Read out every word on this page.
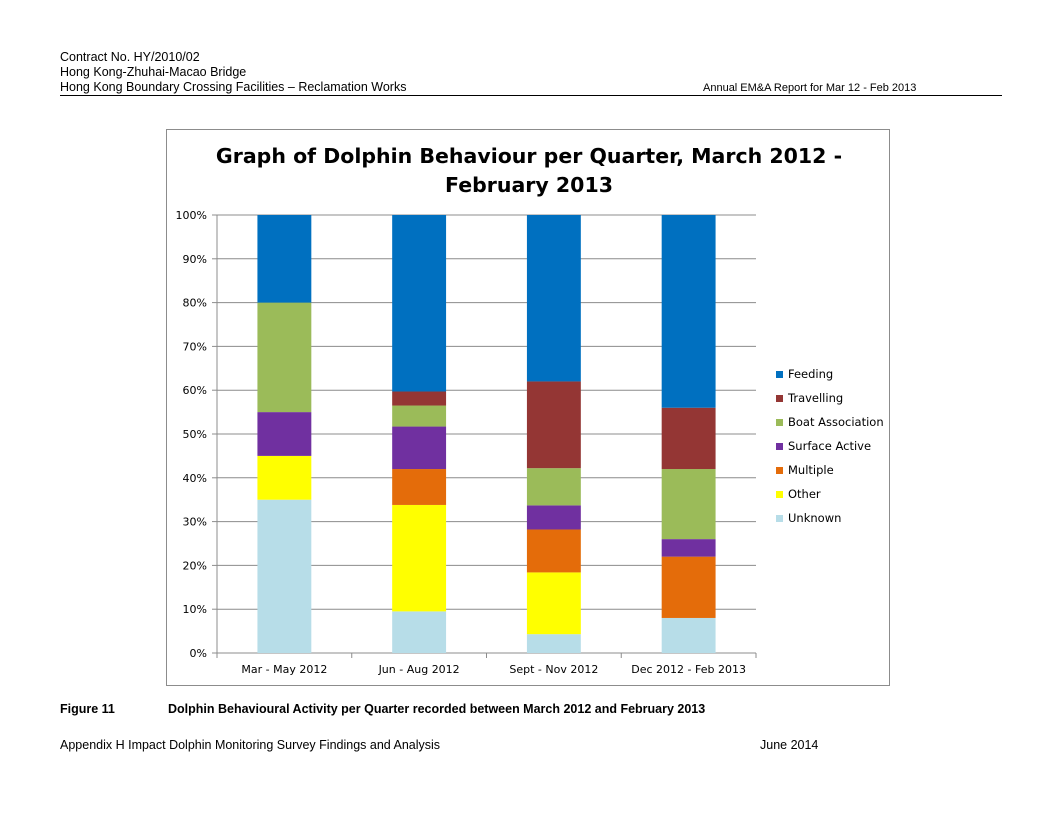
Contract No. HY/2010/02
Hong Kong-Zhuhai-Macao Bridge
Hong Kong Boundary Crossing Facilities – Reclamation Works	Annual EM&A Report for Mar 12 - Feb 2013
Graph of Dolphin Behaviour per Quarter, March 2012 -
February 2013
0%
10%
20%
30%
40%
50%
60%
70%
80%
90%
100%
Mar - May 2012	Jun - Aug 2012	Sept - Nov 2012	Dec 2012 - Feb 2013
Feeding
Travelling
Boat Association
Surface Active
Multiple
Other
Unknown
Figure 11	Dolphin Behavioural Activity per Quarter recorded between March 2012 and February 2013
Appendix H Impact Dolphin Monitoring Survey Findings and Analysis	June 2014
